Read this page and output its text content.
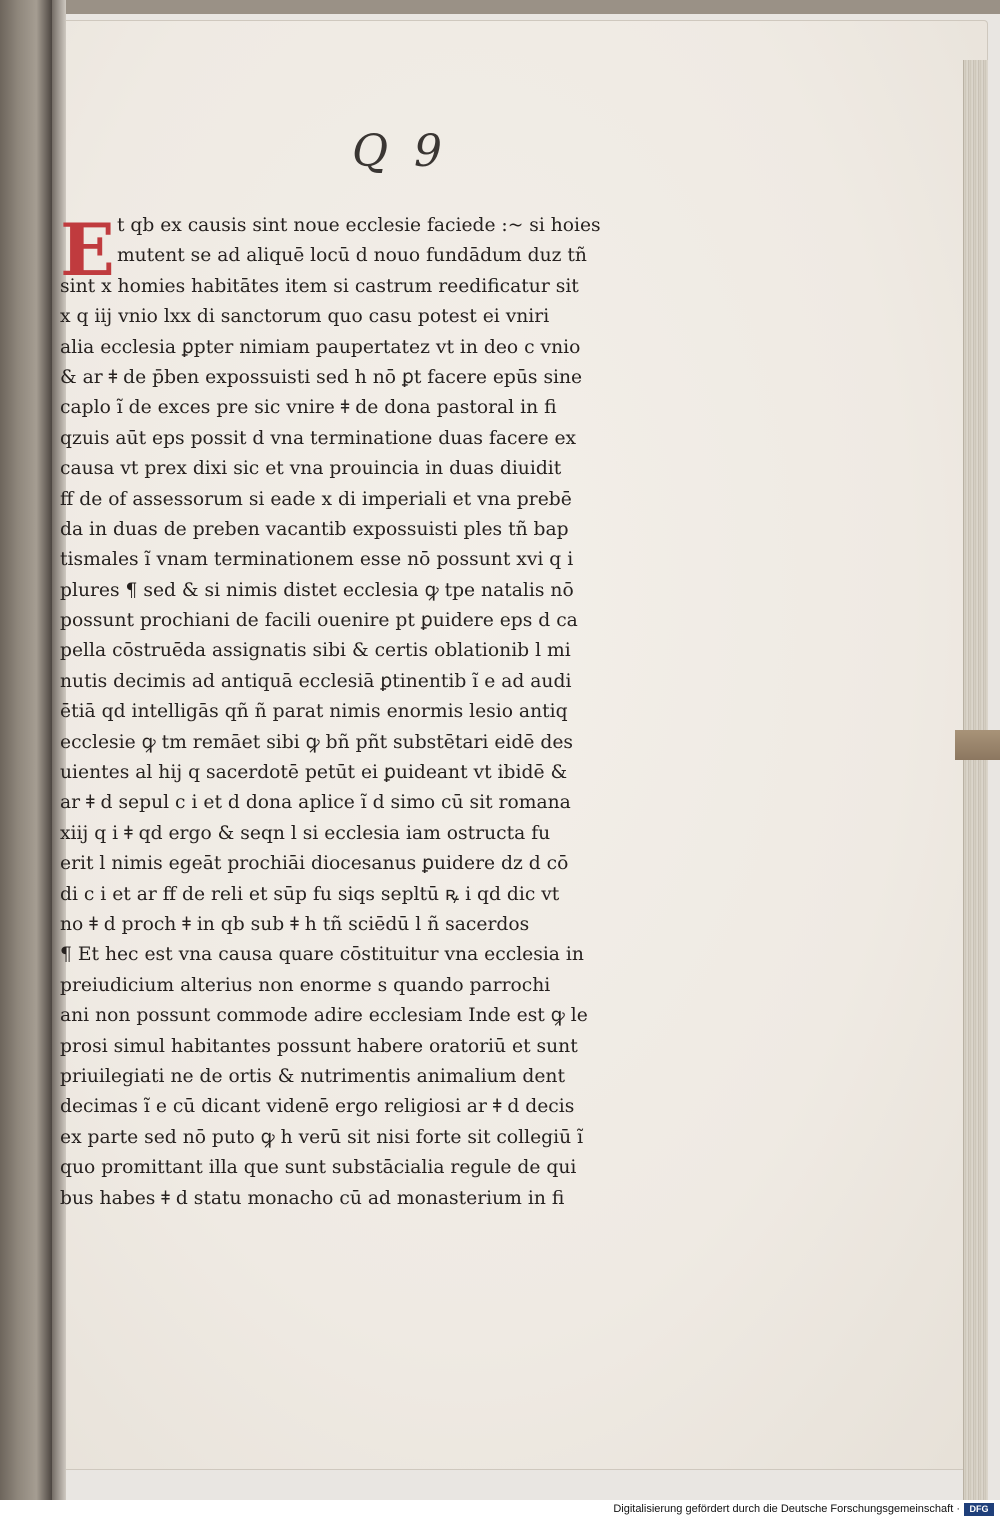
Q 9
E t qb ex causis sint noue ecclesie faciede :~ si hoies
mutent se ad aliquē locū d nouo fundādum duz tñ
sint x homies habitātes item si castrum reedificatur sit
x q iij vnio lxx di sanctorum quo casu potest ei vniri
alia ecclesia ꝑpter nimiam paupertatez vt in deo c vnio
& ar ǂ de p̄ben expossuisti sed h nō ꝑt facere epūs sine
caplo ĩ de exces pre sic vnire ǂ de dona pastoral in fi
qzuis aūt eps possit d vna terminatione duas facere ex
causa vt prex dixi sic et vna prouincia in duas diuidit
ff de of assessorum si eade x di imperiali et vna prebē
da in duas de preben vacantib expossuisti ples tñ bap
tismales ĩ vnam terminationem esse nō possunt xvi q i
plures ¶ sed & si nimis distet ecclesia ꝙ tpe natalis nō
possunt prochiani de facili ouenire pt ꝑuidere eps d ca
pella cōstruēda assignatis sibi & certis oblationib l mi
nutis decimis ad antiquā ecclesiā ꝑtinentib ĩ e ad audi
ētiā qd intelligās qñ ñ parat nimis enormis lesio antiq
ecclesie ꝙ tm remāet sibi ꝙ bñ pñt substētari eidē des
uientes al hij q sacerdotē petūt ei ꝑuideant vt ibidē &
ar ǂ d sepul c i et d dona aplice ĩ d simo cū sit romana
xiij q i ǂ qd ergo & seqn l si ecclesia iam ostructa fu
erit l nimis egeāt prochiāi diocesanus ꝑuidere dz d cō
di c i et ar ff de reli et sūp fu siqs sepltū ꝶ i qd dic vt
no ǂ d proch ǂ in qb sub ǂ h tñ sciēdū l ñ sacerdos
¶ Et hec est vna causa quare cōstituitur vna ecclesia in
preiudicium alterius non enorme s quando parrochi
ani non possunt commode adire ecclesiam Inde est ꝙ le
prosi simul habitantes possunt habere oratoriū et sunt
priuilegiati ne de ortis & nutrimentis animalium dent
decimas ĩ e cū dicant videnē ergo religiosi ar ǂ d decis
ex parte sed nō puto ꝙ h verū sit nisi forte sit collegiū ĩ
quo promittant illa que sunt substācialia regule de qui
bus habes ǂ d statu monacho cū ad monasterium in fi
Digitalisierung gefördert durch die Deutsche Forschungsgemeinschaft ·	DFG
